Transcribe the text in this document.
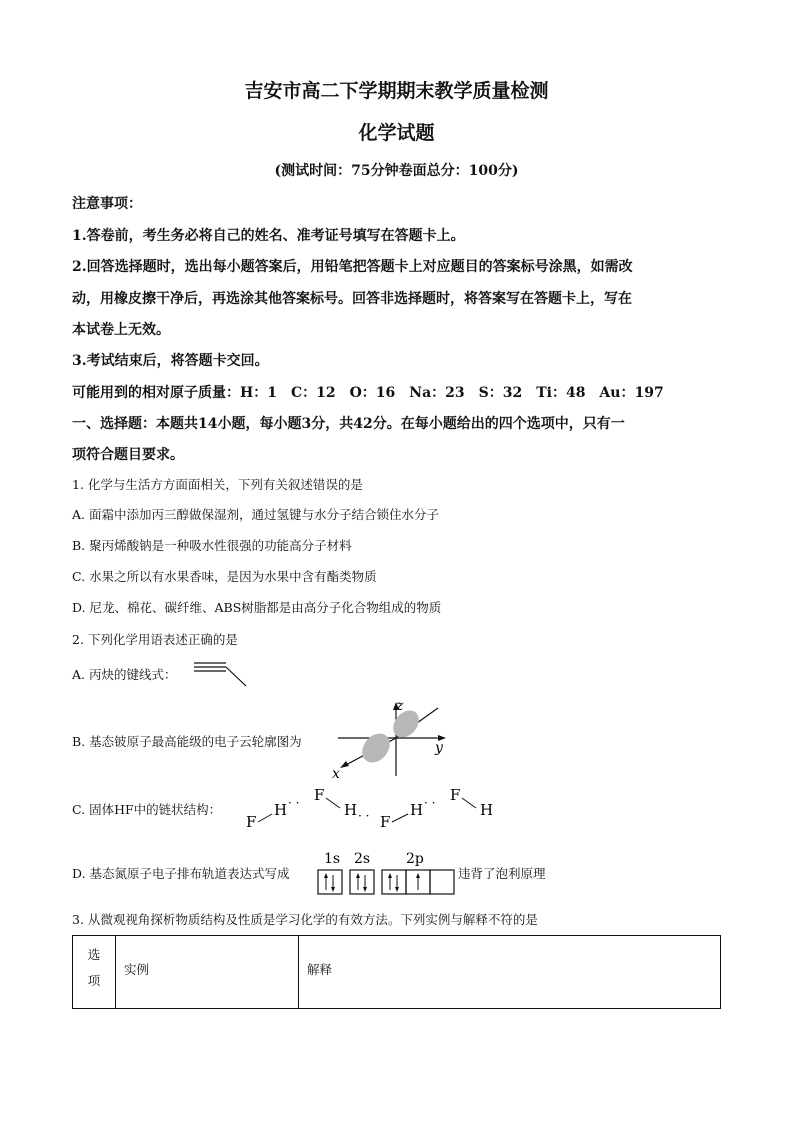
吉安市高二下学期期末教学质量检测
化学试题
(测试时间：75分钟卷面总分：100分)
注意事项：
1.答卷前，考生务必将自己的姓名、准考证号填写在答题卡上。
2.回答选择题时，选出每小题答案后，用铅笔把答题卡上对应题目的答案标号涂黑，如需改
动，用橡皮擦干净后，再选涂其他答案标号。回答非选择题时，将答案写在答题卡上，写在
本试卷上无效。
3.考试结束后，将答题卡交回。
可能用到的相对原子质量：H：1　C：12　O：16　Na：23　S：32　Ti：48　Au：197
一、选择题：本题共14小题，每小题3分，共42分。在每小题给出的四个选项中，只有一
项符合题目要求。
1. 化学与生活方方面面相关，下列有关叙述错误的是
A. 面霜中添加丙三醇做保湿剂，通过氢键与水分子结合锁住水分子
B. 聚丙烯酸钠是一种吸水性很强的功能高分子材料
C. 水果之所以有水果香味，是因为水果中含有酯类物质
D. 尼龙、棉花、碳纤维、ABS树脂都是由高分子化合物组成的物质
2. 下列化学用语表述正确的是
A. 丙炔的键线式：
B. 基态铍原子最高能级的电子云轮廓图为
z
y
x
C. 固体HF中的链状结构：
F
H · · F
H · · F
H · · F
H
D. 基态氮原子电子排布轨道表达式写成
1s 2s	2p
违背了泡利原理
3. 从微观视角探析物质结构及性质是学习化学的有效方法。下列实例与解释不符的是
选
项	实例	解释
